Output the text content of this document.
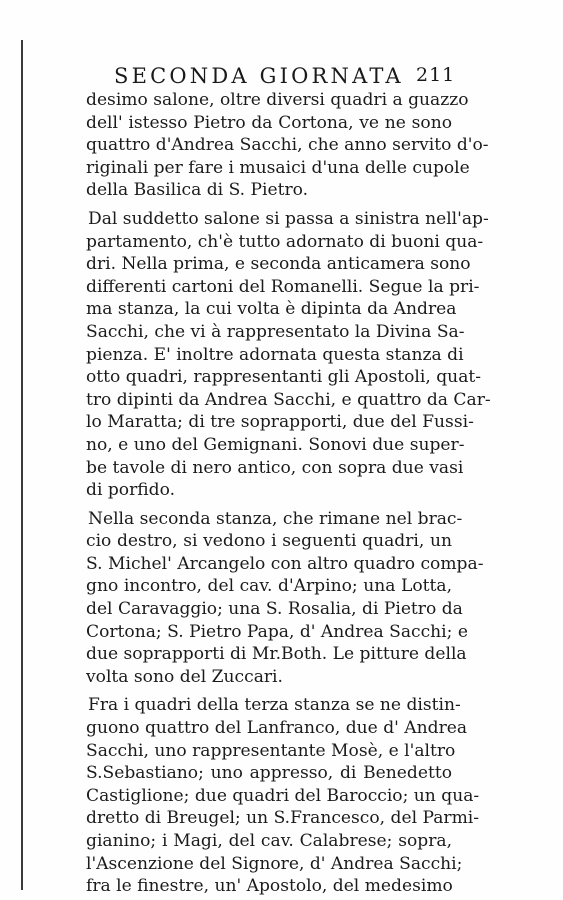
SECONDA GIORNATA 211
desimo salone, oltre diversi quadri a guazzo
dell' istesso Pietro da Cortona, ve ne sono
quattro d'Andrea Sacchi, che anno servito d'o-
riginali per fare i musaici d'una delle cupole
della Basilica di S. Pietro.
Dal suddetto salone si passa a sinistra nell'ap-
partamento, ch'è tutto adornato di buoni qua-
dri. Nella prima, e seconda anticamera sono
differenti cartoni del Romanelli. Segue la pri-
ma stanza, la cui volta è dipinta da Andrea
Sacchi, che vi à rappresentato la Divina Sa-
pienza. E' inoltre adornata questa stanza di
otto quadri, rappresentanti gli Apostoli, quat-
tro dipinti da Andrea Sacchi, e quattro da Car-
lo Maratta; di tre soprapporti, due del Fussi-
no, e uno del Gemignani. Sonovi due super-
be tavole di nero antico, con sopra due vasi
di porfido.
Nella seconda stanza, che rimane nel brac-
cio destro, si vedono i seguenti quadri, un
S. Michel' Arcangelo con altro quadro compa-
gno incontro, del cav. d'Arpino; una Lotta,
del Caravaggio; una S. Rosalia, di Pietro da
Cortona; S. Pietro Papa, d' Andrea Sacchi; e
due soprapporti di Mr.Both. Le pitture della
volta sono del Zuccari.
Fra i quadri della terza stanza se ne distin-
guono quattro del Lanfranco, due d' Andrea
Sacchi, uno rappresentante Mosè, e l'altro
S.Sebastiano; uno appresso, di Benedetto
Castiglione; due quadri del Baroccio; un qua-
dretto di Breugel; un S.Francesco, del Parmi-
gianino; i Magi, del cav. Calabrese; sopra,
l'Ascenzione del Signore, d' Andrea Sacchi;
fra le finestre, un' Apostolo, del medesimo
